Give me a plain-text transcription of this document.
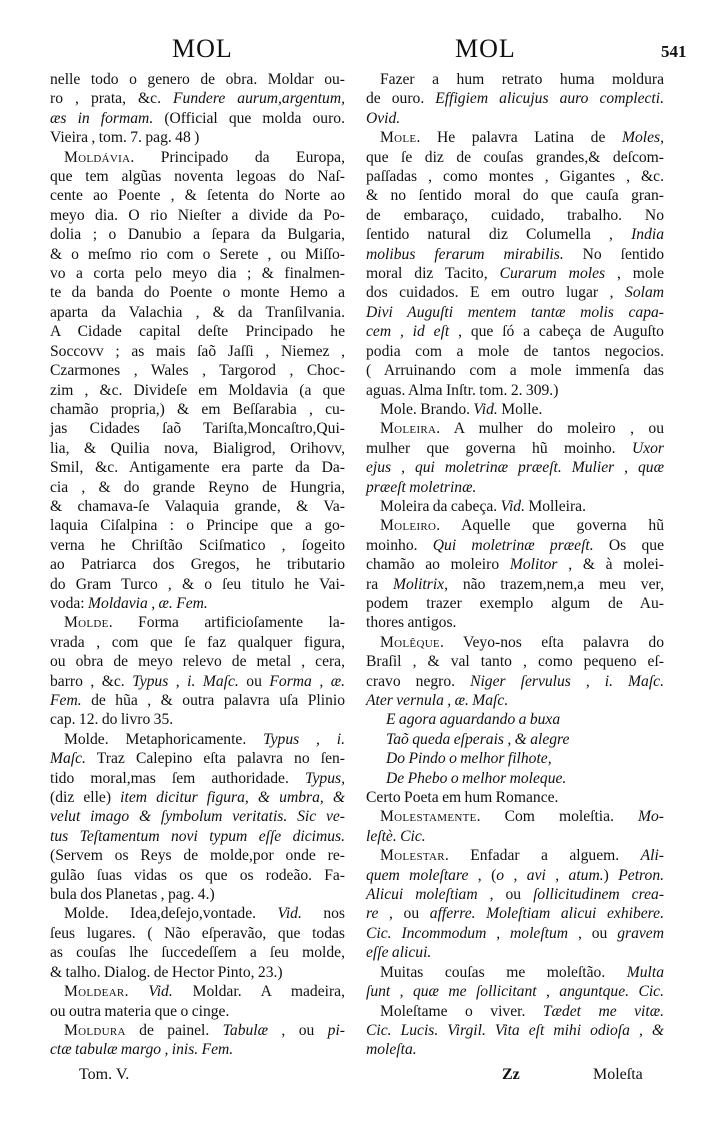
MOL	MOL	541
nelle todo o genero de obra. Moldar ou-
ro , prata, &c. Fundere aurum,argentum,
æs in formam. (Official que molda ouro.
Vieira , tom. 7. pag. 48 )
Moldávia. Principado da Europa,
que tem algũas noventa legoas do Naſ-
cente ao Poente , & ſetenta do Norte ao
meyo dia. O rio Nieſter a divide da Po-
dolia ; o Danubio a ſepara da Bulgaria,
& o meſmo rio com o Serete , ou Miſſo-
vo a corta pelo meyo dia ; & finalmen-
te da banda do Poente o monte Hemo a
aparta da Valachia , & da Tranſilvania.
A Cidade capital deſte Principado he
Soccovv ; as mais ſaõ Jaſſi , Niemez ,
Czarmones , Wales , Targorod , Choc-
zim , &c. Divideſe em Moldavia (a que
chamão propria,) & em Beſſarabia , cu-
jas Cidades ſaõ Tariſta,Moncaſtro,Qui-
lia, & Quilia nova, Bialigrod, Orihovv,
Smil, &c. Antigamente era parte da Da-
cia , & do grande Reyno de Hungria,
& chamava-ſe Valaquia grande, & Va-
laquia Ciſalpina : o Principe que a go-
verna he Chriſtão Sciſmatico , ſogeito
ao Patriarca dos Gregos, he tributario
do Gram Turco , & o ſeu titulo he Vai-
voda: Moldavia , æ. Fem.
Molde. Forma artificioſamente la-
vrada , com que ſe faz qualquer figura,
ou obra de meyo relevo de metal , cera,
barro , &c. Typus , i. Maſc. ou Forma , æ.
Fem. de hũa , & outra palavra uſa Plinio
cap. 12. do livro 35.
Molde. Metaphoricamente. Typus , i.
Maſc. Traz Calepino eſta palavra no ſen-
tido moral,mas ſem authoridade. Typus,
(diz elle) item dicitur figura, & umbra, &
velut imago & ſymbolum veritatis. Sic ve-
tus Teſtamentum novi typum eſſe dicimus.
(Servem os Reys de molde,por onde re-
gulão ſuas vidas os que os rodeão. Fa-
bula dos Planetas , pag. 4.)
Molde. Idea,deſejo,vontade. Vid. nos
ſeus lugares. ( Não eſperavão, que todas
as couſas lhe ſuccedeſſem a ſeu molde,
& talho. Dialog. de Hector Pinto, 23.)
Moldear. Vid. Moldar. A madeira,
ou outra materia que o cinge.
Moldura de painel. Tabulæ , ou pi-
ctæ tabulæ margo , inis. Fem.
Fazer a hum retrato huma moldura
de ouro. Effigiem alicujus auro complecti.
Ovid.
Mole. He palavra Latina de Moles,
que ſe diz de couſas grandes,& deſcom-
paſſadas , como montes , Gigantes , &c.
& no ſentido moral do que cauſa gran-
de embaraço, cuidado, trabalho. No
ſentido natural diz Columella , India
molibus ferarum mirabilis. No ſentido
moral diz Tacito, Curarum moles , mole
dos cuidados. E em outro lugar , Solam
Divi Auguſti mentem tantæ molis capa-
cem , id eſt , que ſó a cabeça de Auguſto
podia com a mole de tantos negocios.
( Arruinando com a mole immenſa das
aguas. Alma Inſtr. tom. 2. 309.)
Mole. Brando. Vid. Molle.
Moleira. A mulher do moleiro , ou
mulher que governa hũ moinho. Uxor
ejus , qui moletrinæ præeſt. Mulier , quæ
præeſt moletrinæ.
Moleira da cabeça. Vid. Molleira.
Moleiro. Aquelle que governa hũ
moinho. Qui moletrinæ præeſt. Os que
chamão ao moleiro Molitor , & à molei-
ra Molitrix, não trazem,nem,a meu ver,
podem trazer exemplo algum de Au-
thores antigos.
Molêque. Veyo-nos eſta palavra do
Braſil , & val tanto , como pequeno eſ-
cravo negro. Niger ſervulus , i. Maſc.
Ater vernula , æ. Maſc.
E agora aguardando a buxa
Taõ queda eſperais , & alegre
Do Pindo o melhor filhote,
De Phebo o melhor moleque.
Certo Poeta em hum Romance.
Molestamente. Com moleſtia. Mo-
leſtè. Cic.
Molestar. Enfadar a alguem. Ali-
quem moleſtare , (o , avi , atum.) Petron.
Alicui moleſtiam , ou ſollicitudinem crea-
re , ou afferre. Moleſtiam alicui exhibere.
Cic. Incommodum , moleſtum , ou gravem
eſſe alicui.
Muitas couſas me moleſtão. Multa
ſunt , quæ me ſollicitant , anguntque. Cic.
Moleſtame o viver. Tædet me vitæ.
Cic. Lucis. Virgil. Vita eſt mihi odioſa , &
moleſta.
Tom. V.	Zz	Moleſta
